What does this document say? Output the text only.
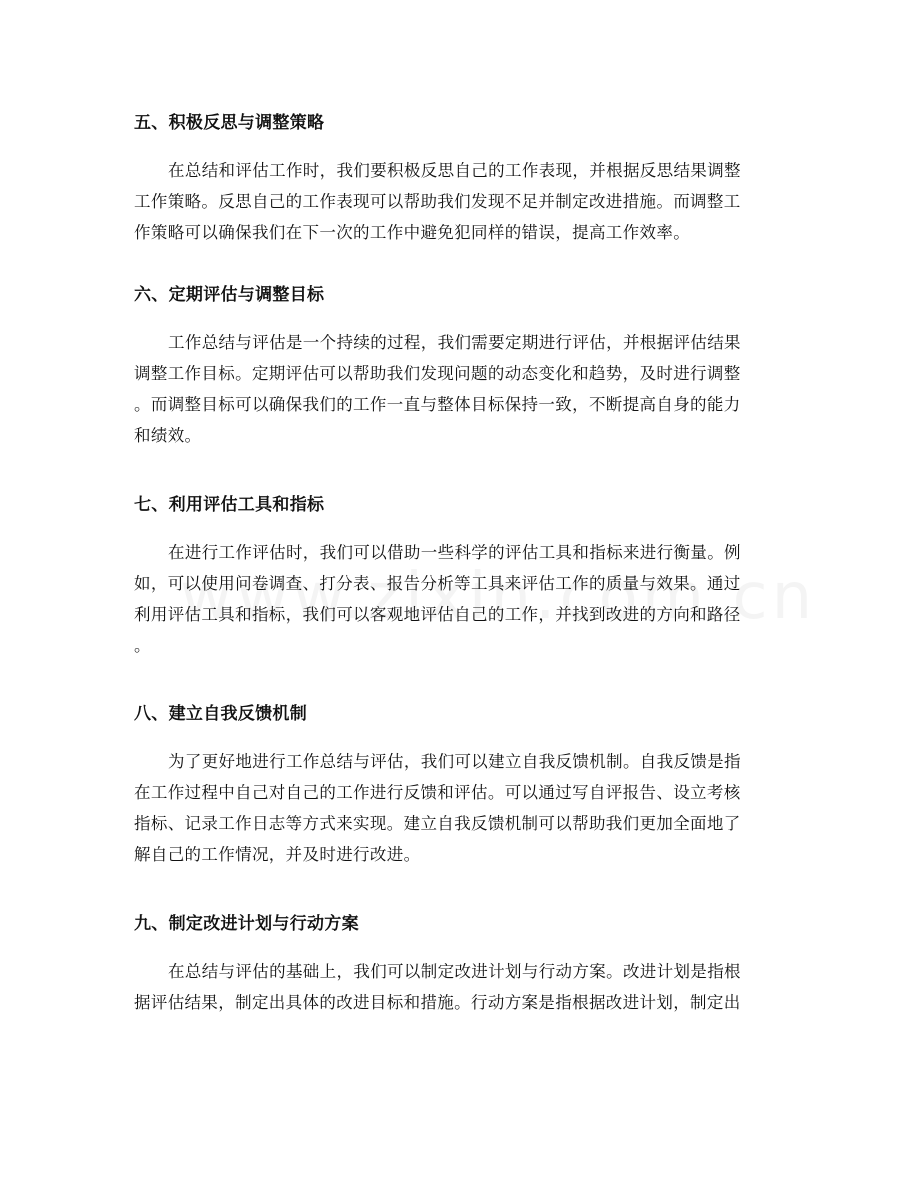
五、积极反思与调整策略
在总结和评估工作时，我们要积极反思自己的工作表现，并根据反思结果调整
工作策略。反思自己的工作表现可以帮助我们发现不足并制定改进措施。而调整工
作策略可以确保我们在下一次的工作中避免犯同样的错误，提高工作效率。
六、定期评估与调整目标
工作总结与评估是一个持续的过程，我们需要定期进行评估，并根据评估结果
调整工作目标。定期评估可以帮助我们发现问题的动态变化和趋势，及时进行调整
。而调整目标可以确保我们的工作一直与整体目标保持一致，不断提高自身的能力
和绩效。
七、利用评估工具和指标
在进行工作评估时，我们可以借助一些科学的评估工具和指标来进行衡量。例
如，可以使用问卷调查、打分表、报告分析等工具来评估工作的质量与效果。通过
利用评估工具和指标，我们可以客观地评估自己的工作，并找到改进的方向和路径
。
八、建立自我反馈机制
为了更好地进行工作总结与评估，我们可以建立自我反馈机制。自我反馈是指
在工作过程中自己对自己的工作进行反馈和评估。可以通过写自评报告、设立考核
指标、记录工作日志等方式来实现。建立自我反馈机制可以帮助我们更加全面地了
解自己的工作情况，并及时进行改进。
九、制定改进计划与行动方案
在总结与评估的基础上，我们可以制定改进计划与行动方案。改进计划是指根
据评估结果，制定出具体的改进目标和措施。行动方案是指根据改进计划，制定出
